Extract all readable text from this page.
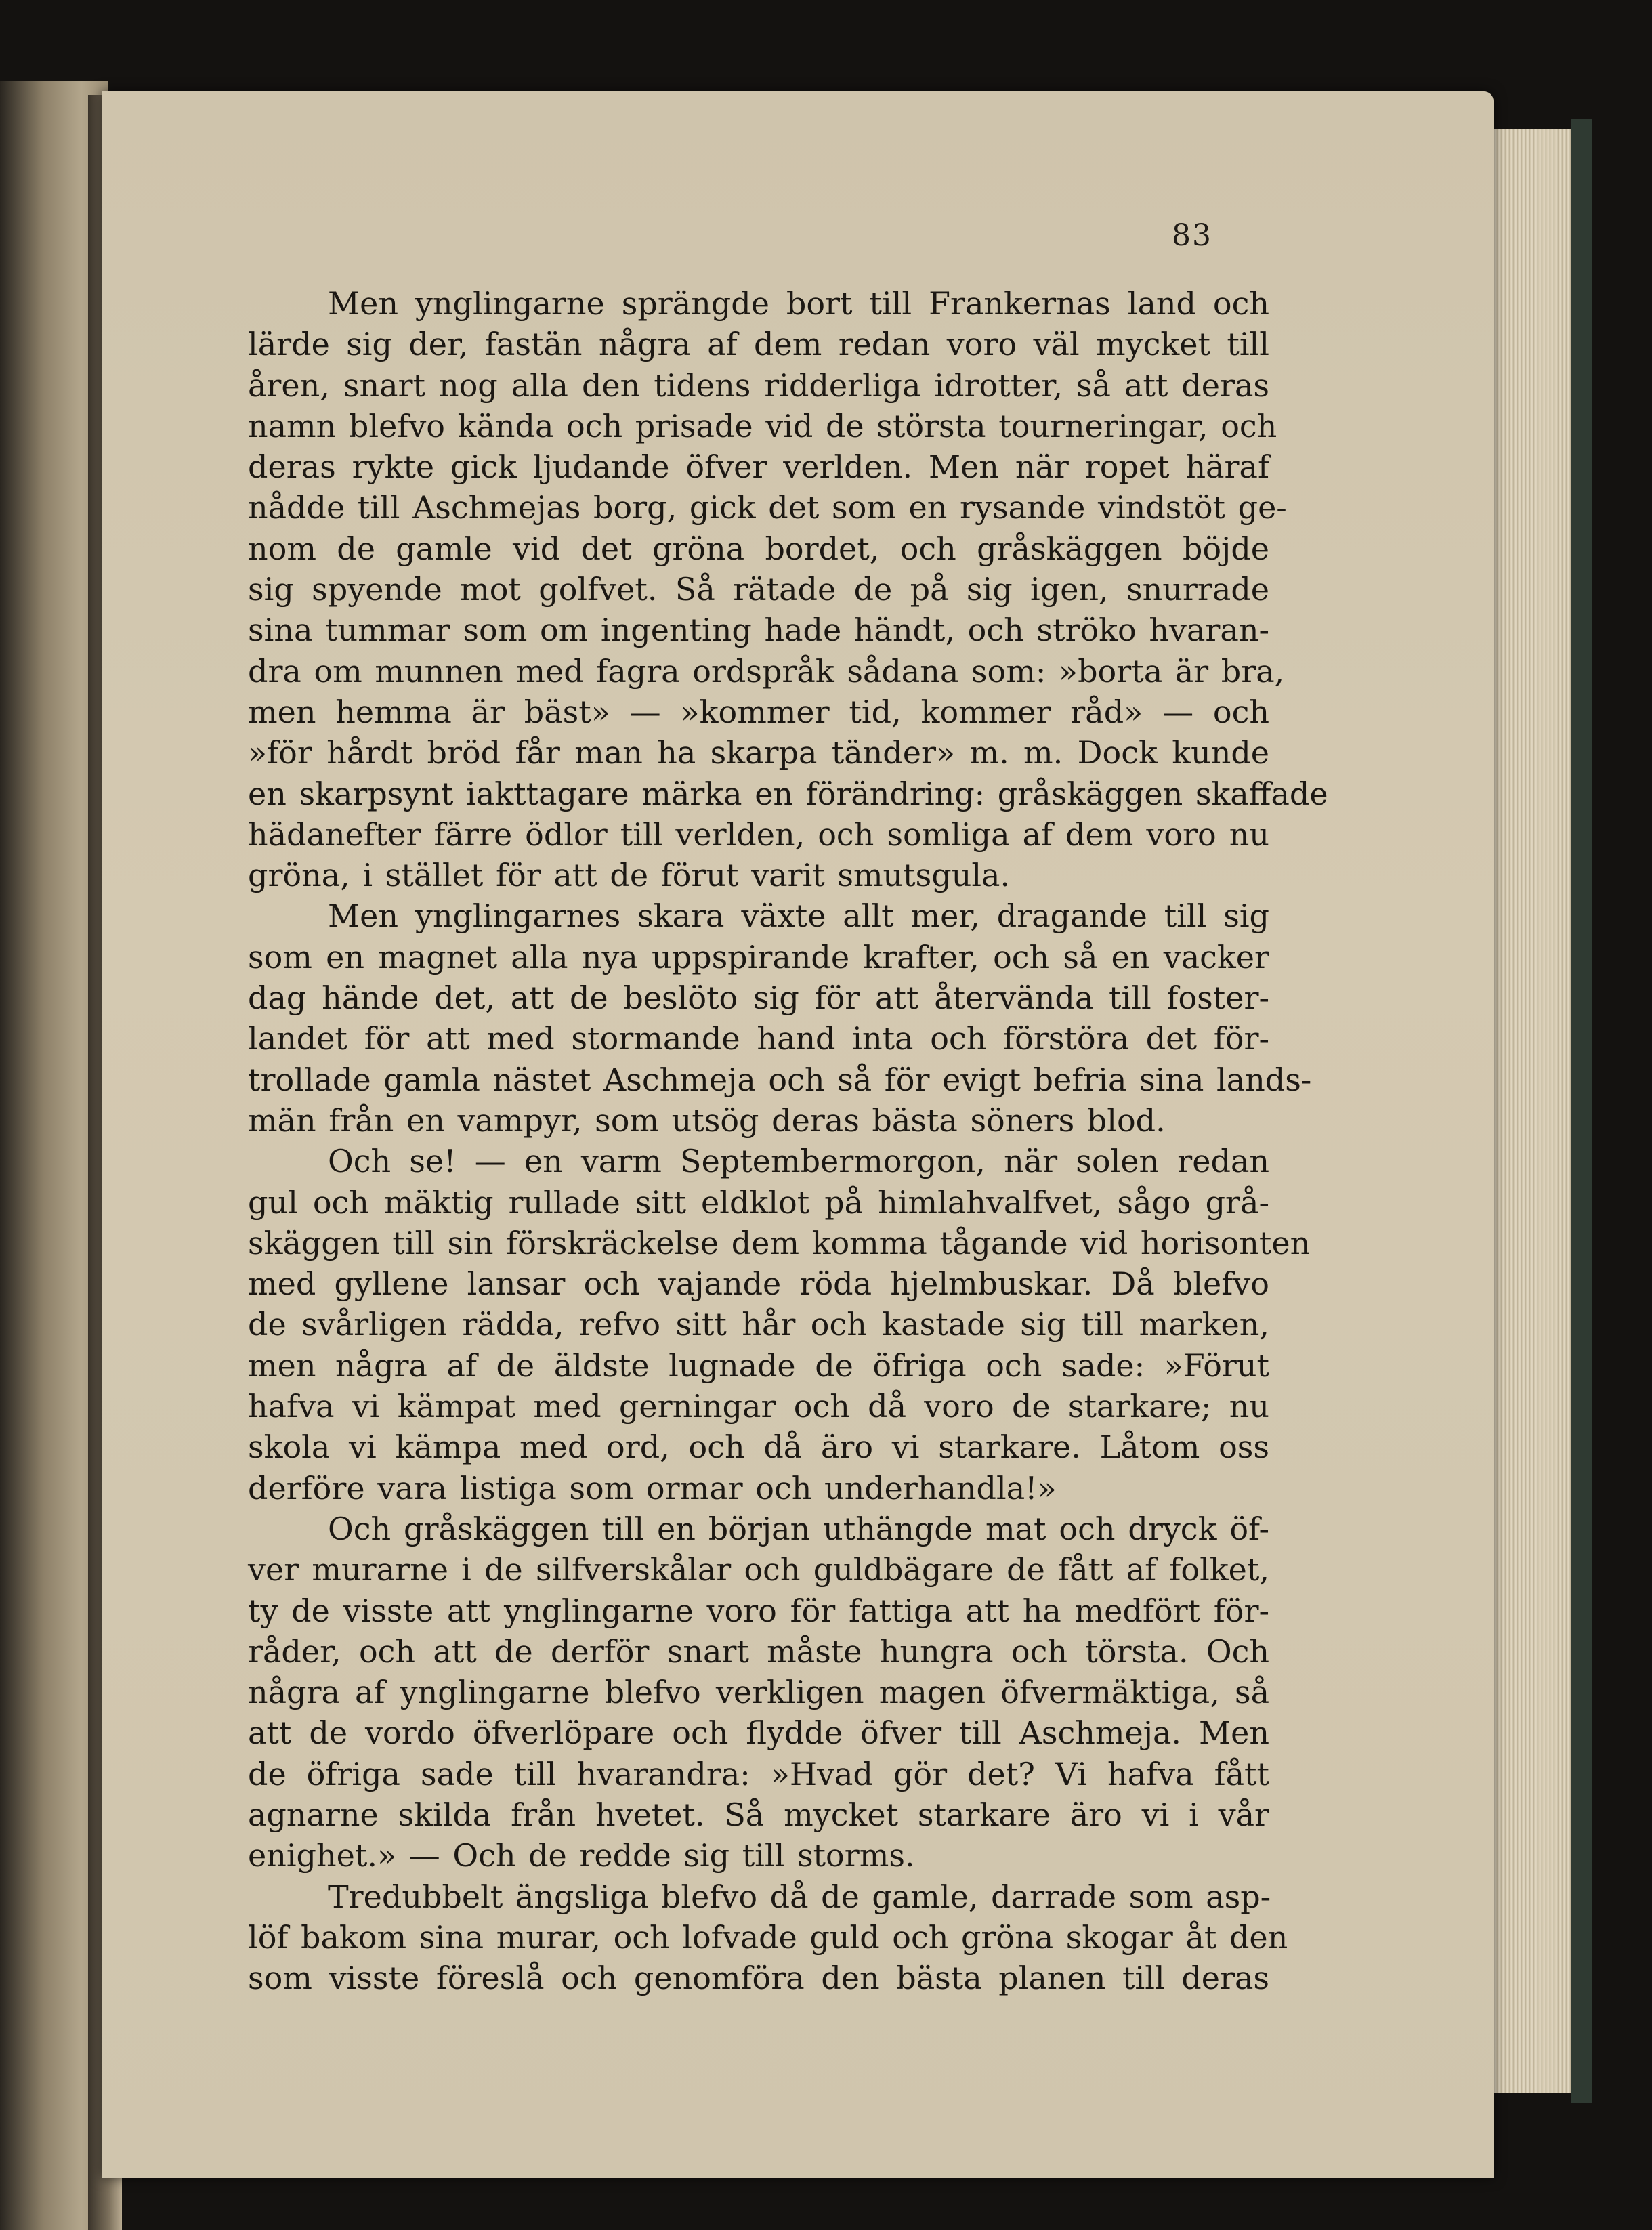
83
Men ynglingarne sprängde bort till Frankernas land och
lärde sig der, fastän några af dem redan voro väl mycket till
åren, snart nog alla den tidens ridderliga idrotter, så att deras
namn blefvo kända och prisade vid de största tourneringar, och
deras rykte gick ljudande öfver verlden. Men när ropet häraf
nådde till Aschmejas borg, gick det som en rysande vindstöt ge-
nom de gamle vid det gröna bordet, och gråskäggen böjde
sig spyende mot golfvet. Så rätade de på sig igen, snurrade
sina tummar som om ingenting hade händt, och ströko hvaran-
dra om munnen med fagra ordspråk sådana som: »borta är bra,
men hemma är bäst» — »kommer tid, kommer råd» — och
»för hårdt bröd får man ha skarpa tänder» m. m. Dock kunde
en skarpsynt iakttagare märka en förändring: gråskäggen skaffade
hädanefter färre ödlor till verlden, och somliga af dem voro nu
gröna, i stället för att de förut varit smutsgula.
Men ynglingarnes skara växte allt mer, dragande till sig
som en magnet alla nya uppspirande krafter, och så en vacker
dag hände det, att de beslöto sig för att återvända till foster-
landet för att med stormande hand inta och förstöra det för-
trollade gamla nästet Aschmeja och så för evigt befria sina lands-
män från en vampyr, som utsög deras bästa söners blod.
Och se! — en varm Septembermorgon, när solen redan
gul och mäktig rullade sitt eldklot på himlahvalfvet, sågo grå-
skäggen till sin förskräckelse dem komma tågande vid horisonten
med gyllene lansar och vajande röda hjelmbuskar. Då blefvo
de svårligen rädda, refvo sitt hår och kastade sig till marken,
men några af de äldste lugnade de öfriga och sade: »Förut
hafva vi kämpat med gerningar och då voro de starkare; nu
skola vi kämpa med ord, och då äro vi starkare. Låtom oss
derföre vara listiga som ormar och underhandla!»
Och gråskäggen till en början uthängde mat och dryck öf-
ver murarne i de silfverskålar och guldbägare de fått af folket,
ty de visste att ynglingarne voro för fattiga att ha medfört för-
råder, och att de derför snart måste hungra och törsta. Och
några af ynglingarne blefvo verkligen magen öfvermäktiga, så
att de vordo öfverlöpare och flydde öfver till Aschmeja. Men
de öfriga sade till hvarandra: »Hvad gör det? Vi hafva fått
agnarne skilda från hvetet. Så mycket starkare äro vi i vår
enighet.» — Och de redde sig till storms.
Tredubbelt ängsliga blefvo då de gamle, darrade som asp-
löf bakom sina murar, och lofvade guld och gröna skogar åt den
som visste föreslå och genomföra den bästa planen till deras
